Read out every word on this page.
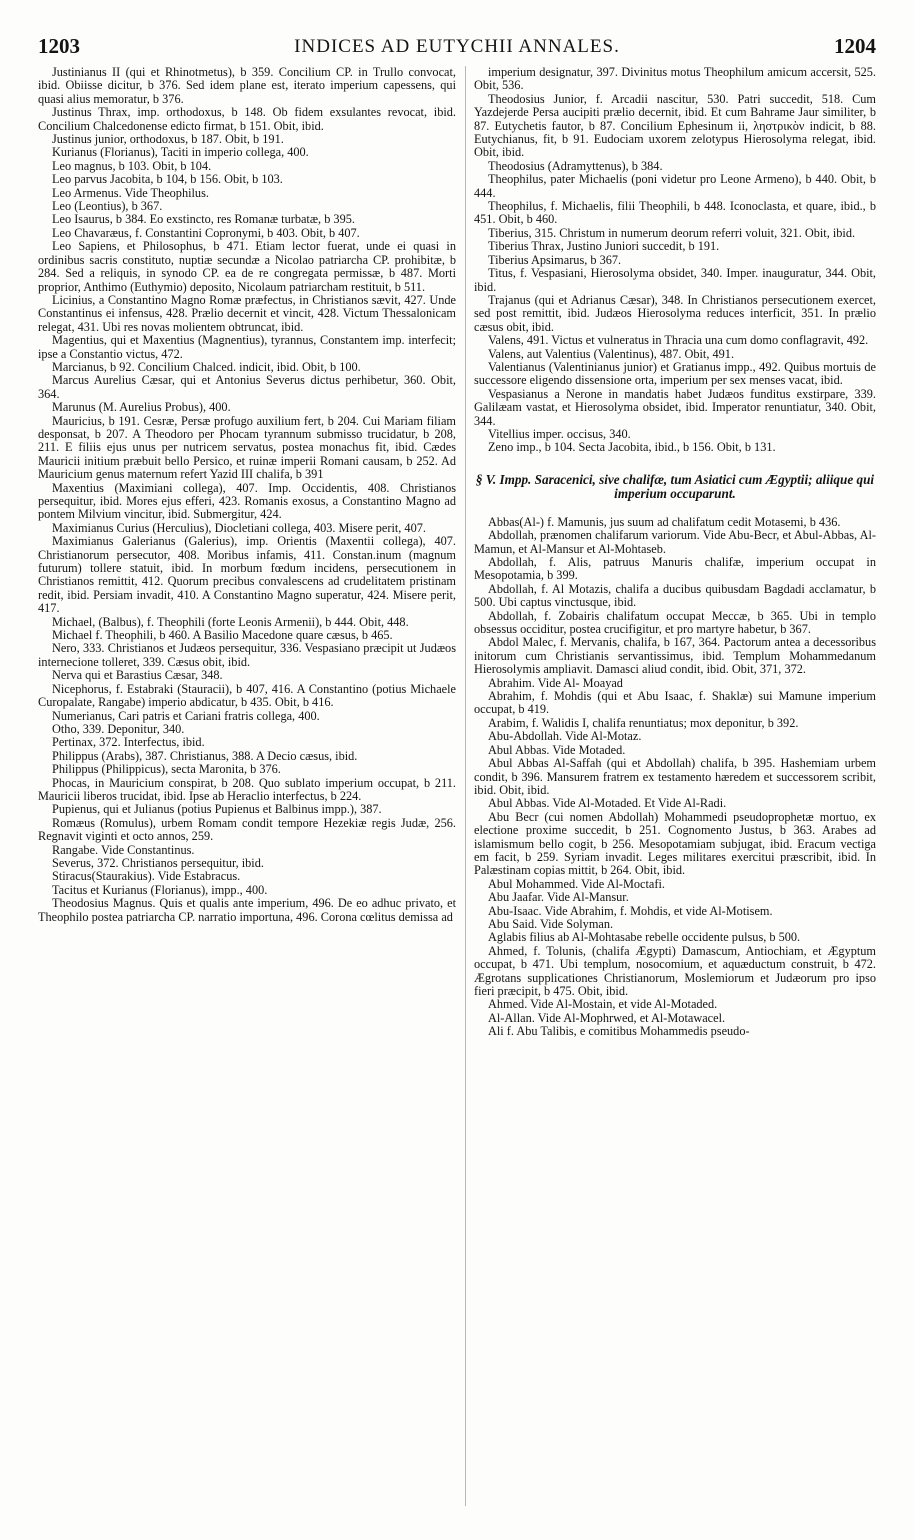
1203	INDICES AD EUTYCHII ANNALES.	1204

Justinianus II (qui et Rhinotmetus), b 359. Concilium CP. in Trullo convocat, ibid. Obiisse dicitur, b 376. Sed idem plane est, iterato imperium capessens, qui quasi alius memoratur, b 376.

Justinus Thrax, imp. orthodoxus, b 148. Ob fidem exsulantes revocat, ibid. Concilium Chalcedonense edicto firmat, b 151. Obit, ibid.

Justinus junior, orthodoxus, b 187. Obit, b 191.

Kurianus (Florianus), Taciti in imperio collega, 400.

Leo magnus, b 103. Obit, b 104.

Leo parvus Jacobita, b 104, b 156. Obit, b 103.

Leo Armenus. Vide Theophilus.

Leo (Leontius), b 367.

Leo Isaurus, b 384. Eo exstincto, res Romanæ turbatæ, b 395.

Leo Chavaræus, f. Constantini Copronymi, b 403. Obit, b 407.

Leo Sapiens, et Philosophus, b 471. Etiam lector fuerat, unde ei quasi in ordinibus sacris constituto, nuptiæ secundæ a Nicolao patriarcha CP. prohibitæ, b 284. Sed a reliquis, in synodo CP. ea de re congregata permissæ, b 487. Morti proprior, Anthimo (Euthymio) deposito, Nicolaum patriarcham restituit, b 511.

Licinius, a Constantino Magno Romæ præfectus, in Christianos sævit, 427. Unde Constantinus ei infensus, 428. Prælio decernit et vincit, 428. Victum Thessalonicam relegat, 431. Ubi res novas molientem obtruncat, ibid.

Magentius, qui et Maxentius (Magnentius), tyrannus, Constantem imp. interfecit; ipse a Constantio victus, 472.

Marcianus, b 92. Concilium Chalced. indicit, ibid. Obit, b 100.

Marcus Aurelius Cæsar, qui et Antonius Severus dictus perhibetur, 360. Obit, 364.

Marunus (M. Aurelius Probus), 400.

Mauricius, b 191. Cesræ, Persæ profugo auxilium fert, b 204. Cui Mariam filiam desponsat, b 207. A Theodoro per Phocam tyrannum submisso trucidatur, b 208, 211. E filiis ejus unus per nutricem servatus, postea monachus fit, ibid. Cædes Mauricii initium præbuit bello Persico, et ruinæ imperii Romani causam, b 252. Ad Mauricium genus maternum refert Yazid III chalifa, b 391

Maxentius (Maximiani collega), 407. Imp. Occidentis, 408. Christianos persequitur, ibid. Mores ejus efferi, 423. Romanis exosus, a Constantino Magno ad pontem Milvium vincitur, ibid. Submergitur, 424.

Maximianus Curius (Herculius), Diocletiani collega, 403. Misere perit, 407.

Maximianus Galerianus (Galerius), imp. Orientis (Maxentii collega), 407. Christianorum persecutor, 408. Moribus infamis, 411. Constan.inum (magnum futurum) tollere statuit, ibid. In morbum fœdum incidens, persecutionem in Christianos remittit, 412. Quorum precibus convalescens ad crudelitatem pristinam redit, ibid. Persiam invadit, 410. A Constantino Magno superatur, 424. Misere perit, 417.

Michael, (Balbus), f. Theophili (forte Leonis Armenii), b 444. Obit, 448.

Michael f. Theophili, b 460. A Basilio Macedone quare cæsus, b 465.

Nero, 333. Christianos et Judæos persequitur, 336. Vespasiano præcipit ut Judæos internecione tolleret, 339. Cæsus obit, ibid.

Nerva qui et Barastius Cæsar, 348.

Nicephorus, f. Estabraki (Stauracii), b 407, 416. A Constantino (potius Michaele Curopalate, Rangabe) imperio abdicatur, b 435. Obit, b 416.

Numerianus, Cari patris et Cariani fratris collega, 400.

Otho, 339. Deponitur, 340.

Pertinax, 372. Interfectus, ibid.

Philippus (Arabs), 387. Christianus, 388. A Decio cæsus, ibid.

Philippus (Philippicus), secta Maronita, b 376.

Phocas, in Mauricium conspirat, b 208. Quo sublato imperium occupat, b 211. Mauricii liberos trucidat, ibid. Ipse ab Heraclio interfectus, b 224.

Pupienus, qui et Julianus (potius Pupienus et Balbinus impp.), 387.

Romæus (Romulus), urbem Romam condit tempore Hezekiæ regis Judæ, 256. Regnavit viginti et octo annos, 259.

Rangabe. Vide Constantinus.

Severus, 372. Christianos persequitur, ibid.

Stiracus(Staurakius). Vide Estabracus.

Tacitus et Kurianus (Florianus), impp., 400.

Theodosius Magnus. Quis et qualis ante imperium, 496. De eo adhuc privato, et Theophilo postea patriarcha CP. narratio importuna, 496. Corona cœlitus demissa ad

imperium designatur, 397. Divinitus motus Theophilum amicum accersit, 525. Obit, 536.

Theodosius Junior, f. Arcadii nascitur, 530. Patri succedit, 518. Cum Yazdejerde Persa aucipiti prælio decernit, ibid. Et cum Bahrame Jaur similiter, b 87. Eutychetis fautor, b 87. Concilium Ephesinum ii, ληστρικὸν indicit, b 88. Eutychianus, fit, b 91. Eudociam uxorem zelotypus Hierosolyma relegat, ibid. Obit, ibid.

Theodosius (Adramyttenus), b 384.

Theophilus, pater Michaelis (poni videtur pro Leone Armeno), b 440. Obit, b 444.

Theophilus, f. Michaelis, filii Theophili, b 448. Iconoclasta, et quare, ibid., b 451. Obit, b 460.

Tiberius, 315. Christum in numerum deorum referri voluit, 321. Obit, ibid.

Tiberius Thrax, Justino Juniori succedit, b 191.

Tiberius Apsimarus, b 367.

Titus, f. Vespasiani, Hierosolyma obsidet, 340. Imper. inauguratur, 344. Obit, ibid.

Trajanus (qui et Adrianus Cæsar), 348. In Christianos persecutionem exercet, sed post remittit, ibid. Judæos Hierosolyma reduces interficit, 351. In prælio cæsus obit, ibid.

Valens, 491. Victus et vulneratus in Thracia una cum domo conflagravit, 492.

Valens, aut Valentius (Valentinus), 487. Obit, 491.

Valentianus (Valentinianus junior) et Gratianus impp., 492. Quibus mortuis de successore eligendo dissensione orta, imperium per sex menses vacat, ibid.

Vespasianus a Nerone in mandatis habet Judæos funditus exstirpare, 339. Galilæam vastat, et Hierosolyma obsidet, ibid. Imperator renuntiatur, 340. Obit, 344.

Vitellius imper. occisus, 340.

Zeno imp., b 104. Secta Jacobita, ibid., b 156. Obit, b 131.

§ V. Impp. Saracenici, sive chalifæ, tum Asiatici cum Ægyptii; aliique qui imperium occuparunt.

Abbas(Al-) f. Mamunis, jus suum ad chalifatum cedit Motasemi, b 436.

Abdollah, prænomen chalifarum variorum. Vide Abu-Becr, et Abul-Abbas, Al-Mamun, et Al-Mansur et Al-Mohtaseb.

Abdollah, f. Alis, patruus Manuris chalifæ, imperium occupat in Mesopotamia, b 399.

Abdollah, f. Al Motazis, chalifa a ducibus quibusdam Bagdadi acclamatur, b 500. Ubi captus vinctusque, ibid.

Abdollah, f. Zobairis chalifatum occupat Meccæ, b 365. Ubi in templo obsessus occiditur, postea crucifigitur, et pro martyre habetur, b 367.

Abdol Malec, f. Mervanis, chalifa, b 167, 364. Pactorum antea a decessoribus initorum cum Christianis servantissimus, ibid. Templum Mohammedanum Hierosolymis ampliavit. Damasci aliud condit, ibid. Obit, 371, 372.

Abrahim. Vide Al- Moayad

Abrahim, f. Mohdis (qui et Abu Isaac, f. Shaklæ) sui Mamune imperium occupat, b 419.

Arabim, f. Walidis I, chalifa renuntiatus; mox deponitur, b 392.

Abu-Abdollah. Vide Al-Motaz.

Abul Abbas. Vide Motaded.

Abul Abbas Al-Saffah (qui et Abdollah) chalifa, b 395. Hashemiam urbem condit, b 396. Mansurem fratrem ex testamento hæredem et successorem scribit, ibid. Obit, ibid.

Abul Abbas. Vide Al-Motaded. Et Vide Al-Radi.

Abu Becr (cui nomen Abdollah) Mohammedi pseudoprophetæ mortuo, ex electione proxime succedit, b 251. Cognomento Justus, b 363. Arabes ad islamismum bello cogit, b 256. Mesopotamiam subjugat, ibid. Eracum vectiga em facit, b 259. Syriam invadit. Leges militares exercitui præscribit, ibid. In Palæstinam copias mittit, b 264. Obit, ibid.

Abul Mohammed. Vide Al-Moctafi.

Abu Jaafar. Vide Al-Mansur.

Abu-Isaac. Vide Abrahim, f. Mohdis, et vide Al-Motisem.

Abu Said. Vide Solyman.

Aglabis filius ab Al-Mohtasabe rebelle occidente pulsus, b 500.

Ahmed, f. Tolunis, (chalifa Ægypti) Damascum, Antiochiam, et Ægyptum occupat, b 471. Ubi templum, nosocomium, et aquæductum construit, b 472. Ægrotans supplicationes Christianorum, Moslemiorum et Judæorum pro ipso fieri præcipit, b 475. Obit, ibid.

Ahmed. Vide Al-Mostain, et vide Al-Motaded.

Al-Allan. Vide Al-Mophrwed, et Al-Motawacel.

Ali f. Abu Talibis, e comitibus Mohammedis pseudo-
